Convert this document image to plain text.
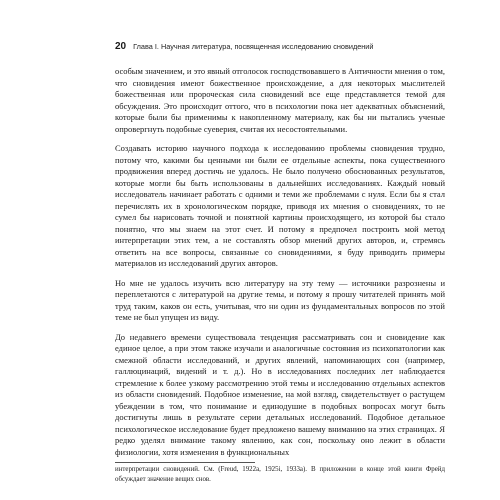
20 Глава I. Научная литература, посвященная исследованию сновидений

особым значением, и это явный отголосок господствовавшего в Античности мнения о том, что сновидения имеют божественное происхождение, а для некоторых мыслителей божественная или пророческая сила сновидений все еще представляется темой для обсуждения. Это происходит оттого, что в психологии пока нет адекватных объяснений, которые были бы применимы к накопленному материалу, как бы ни пытались ученые опровергнуть подобные суеверия, считая их несостоятельными.

Создавать историю научного подхода к исследованию проблемы сновидения трудно, потому что, какими бы ценными ни были ее отдельные аспекты, пока существенного продвижения вперед достичь не удалось. Не было получено обоснованных результатов, которые могли бы быть использованы в дальнейших исследованиях. Каждый новый исследователь начинает работать с одними и теми же проблемами с нуля. Если бы я стал перечислять их в хронологическом порядке, приводя их мнения о сновидениях, то не сумел бы нарисовать точной и понятной картины происходящего, из которой бы стало понятно, что мы знаем на этот счет. И потому я предпочел построить мой метод интерпретации этих тем, а не составлять обзор мнений других авторов, и, стремясь ответить на все вопросы, связанные со сновидениями, я буду приводить примеры материалов из исследований других авторов.

Но мне не удалось изучить всю литературу на эту тему — источники разрознены и переплетаются с литературой на другие темы, и потому я прошу читателей принять мой труд таким, каков он есть, учитывая, что ни один из фундаментальных вопросов по этой теме не был упущен из виду.

До недавнего времени существовала тенденция рассматривать сон и сновидение как единое целое, а при этом также изучали и аналогичные состояния из психопатологии как смежной области исследований, и других явлений, напоминающих сон (например, галлюцинаций, видений и т. д.). Но в исследованиях последних лет наблюдается стремление к более узкому рассмотрению этой темы и исследованию отдельных аспектов из области сновидений. Подобное изменение, на мой взгляд, свидетельствует о растущем убеждении в том, что понимание и единодушие в подобных вопросах могут быть достигнуты лишь в результате серии детальных исследований. Подобное детальное психологическое исследование будет предложено вашему вниманию на этих страницах. Я редко уделял внимание такому явлению, как сон, поскольку оно лежит в области физиологии, хотя изменения в функциональных

интерпретации сновидений. См. (Freud, 1922a, 1925i, 1933a). В приложении в конце этой книги Фрейд обсуждает значение вещих снов.
